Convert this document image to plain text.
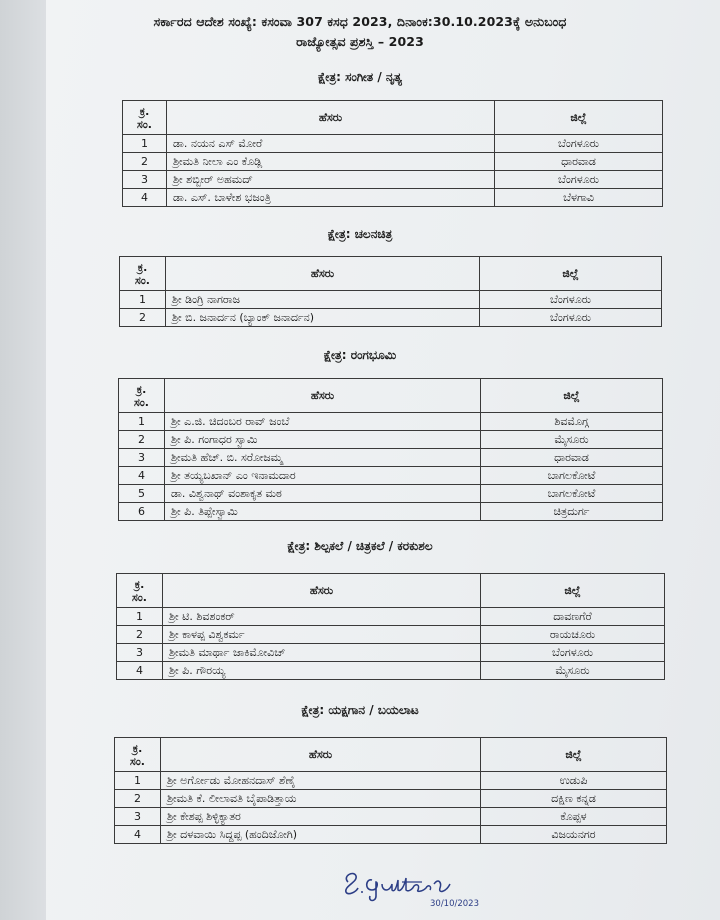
ಸರ್ಕಾರದ ಆದೇಶ ಸಂಖ್ಯೆ: ಕಸಂವಾ 307 ಕಸಧ 2023, ದಿನಾಂಕ:30.10.2023ಕ್ಕೆ ಅನುಬಂಧ
ರಾಜ್ಯೋತ್ಸವ ಪ್ರಶಸ್ತಿ – 2023
ಕ್ಷೇತ್ರ: ಸಂಗೀತ / ನೃತ್ಯ
ಕ್ರ.
ಸಂ.	ಹೆಸರು	ಜಿಲ್ಲೆ
1	ಡಾ. ನಯನ ಎಸ್ ಮೋರೆ	ಬೆಂಗಳೂರು
2	ಶ್ರೀಮತಿ ನೀಲಾ ಎಂ ಕೊಡ್ಲಿ	ಧಾರವಾಡ
3	ಶ್ರೀ ಶಬ್ಬೀರ್ ಅಹಮದ್	ಬೆಂಗಳೂರು
4	ಡಾ. ಎಸ್. ಬಾಳೇಶ ಭಜಂತ್ರಿ	ಬೆಳಗಾವಿ
ಕ್ಷೇತ್ರ: ಚಲನಚಿತ್ರ
ಕ್ರ.
ಸಂ.	ಹೆಸರು	ಜಿಲ್ಲೆ
1	ಶ್ರೀ ಡಿಂಗ್ರಿ ನಾಗರಾಜ	ಬೆಂಗಳೂರು
2	ಶ್ರೀ ಬಿ. ಜನಾರ್ದನ (ಬ್ಯಾಂಕ್ ಜನಾರ್ದನ)	ಬೆಂಗಳೂರು
ಕ್ಷೇತ್ರ: ರಂಗಭೂಮಿ
ಕ್ರ.
ಸಂ.	ಹೆಸರು	ಜಿಲ್ಲೆ
1	ಶ್ರೀ ಎ.ಜಿ. ಚಿದಂಬರ ರಾವ್ ಜಂಬೆ	ಶಿವಮೊಗ್ಗ
2	ಶ್ರೀ ಪಿ. ಗಂಗಾಧರ ಸ್ವಾಮಿ	ಮೈಸೂರು
3	ಶ್ರೀಮತಿ ಹೆಚ್. ಬಿ. ಸರೋಜಮ್ಮ	ಧಾರವಾಡ
4	ಶ್ರೀ ತಯ್ಯಬಖಾನ್ ಎಂ ಇನಾಮದಾರ	ಬಾಗಲಕೋಟೆ
5	ಡಾ. ವಿಶ್ವನಾಥ್ ವಂಶಾಕೃತ ಮಠ	ಬಾಗಲಕೋಟೆ
6	ಶ್ರೀ ಪಿ. ತಿಪ್ಪೇಸ್ವಾಮಿ	ಚಿತ್ರದುರ್ಗ
ಕ್ಷೇತ್ರ: ಶಿಲ್ಪಕಲೆ / ಚಿತ್ರಕಲೆ / ಕರಕುಶಲ
ಕ್ರ.
ಸಂ.	ಹೆಸರು	ಜಿಲ್ಲೆ
1	ಶ್ರೀ ಟಿ. ಶಿವಶಂಕರ್	ದಾವಣಗೆರೆ
2	ಶ್ರೀ ಕಾಳಪ್ಪ ವಿಶ್ವಕರ್ಮ	ರಾಯಚೂರು
3	ಶ್ರೀಮತಿ ಮಾರ್ಥಾ ಜಾಕಿಮೋವಿಚ್	ಬೆಂಗಳೂರು
4	ಶ್ರೀ ಪಿ. ಗೌರಯ್ಯ	ಮೈಸೂರು
ಕ್ಷೇತ್ರ: ಯಕ್ಷಗಾನ / ಬಯಲಾಟ
ಕ್ರ.
ಸಂ.	ಹೆಸರು	ಜಿಲ್ಲೆ
1	ಶ್ರೀ ಅರ್ಗೋಡು ಮೋಹನದಾಸ್ ಶೆಣೈ	ಉಡುಪಿ
2	ಶ್ರೀಮತಿ ಕೆ. ಲೀಲಾವತಿ ಬೈಪಾಡಿತ್ತಾಯ	ದಕ್ಷಿಣ ಕನ್ನಡ
3	ಶ್ರೀ ಕೇಶಪ್ಪ ಶಿಳ್ಳಿಕ್ಯಾತರ	ಕೊಪ್ಪಳ
4	ಶ್ರೀ ದಳವಾಯಿ ಸಿದ್ದಪ್ಪ (ಹಂದಿಜೋಗಿ)	ವಿಜಯನಗರ
30/10/2023
